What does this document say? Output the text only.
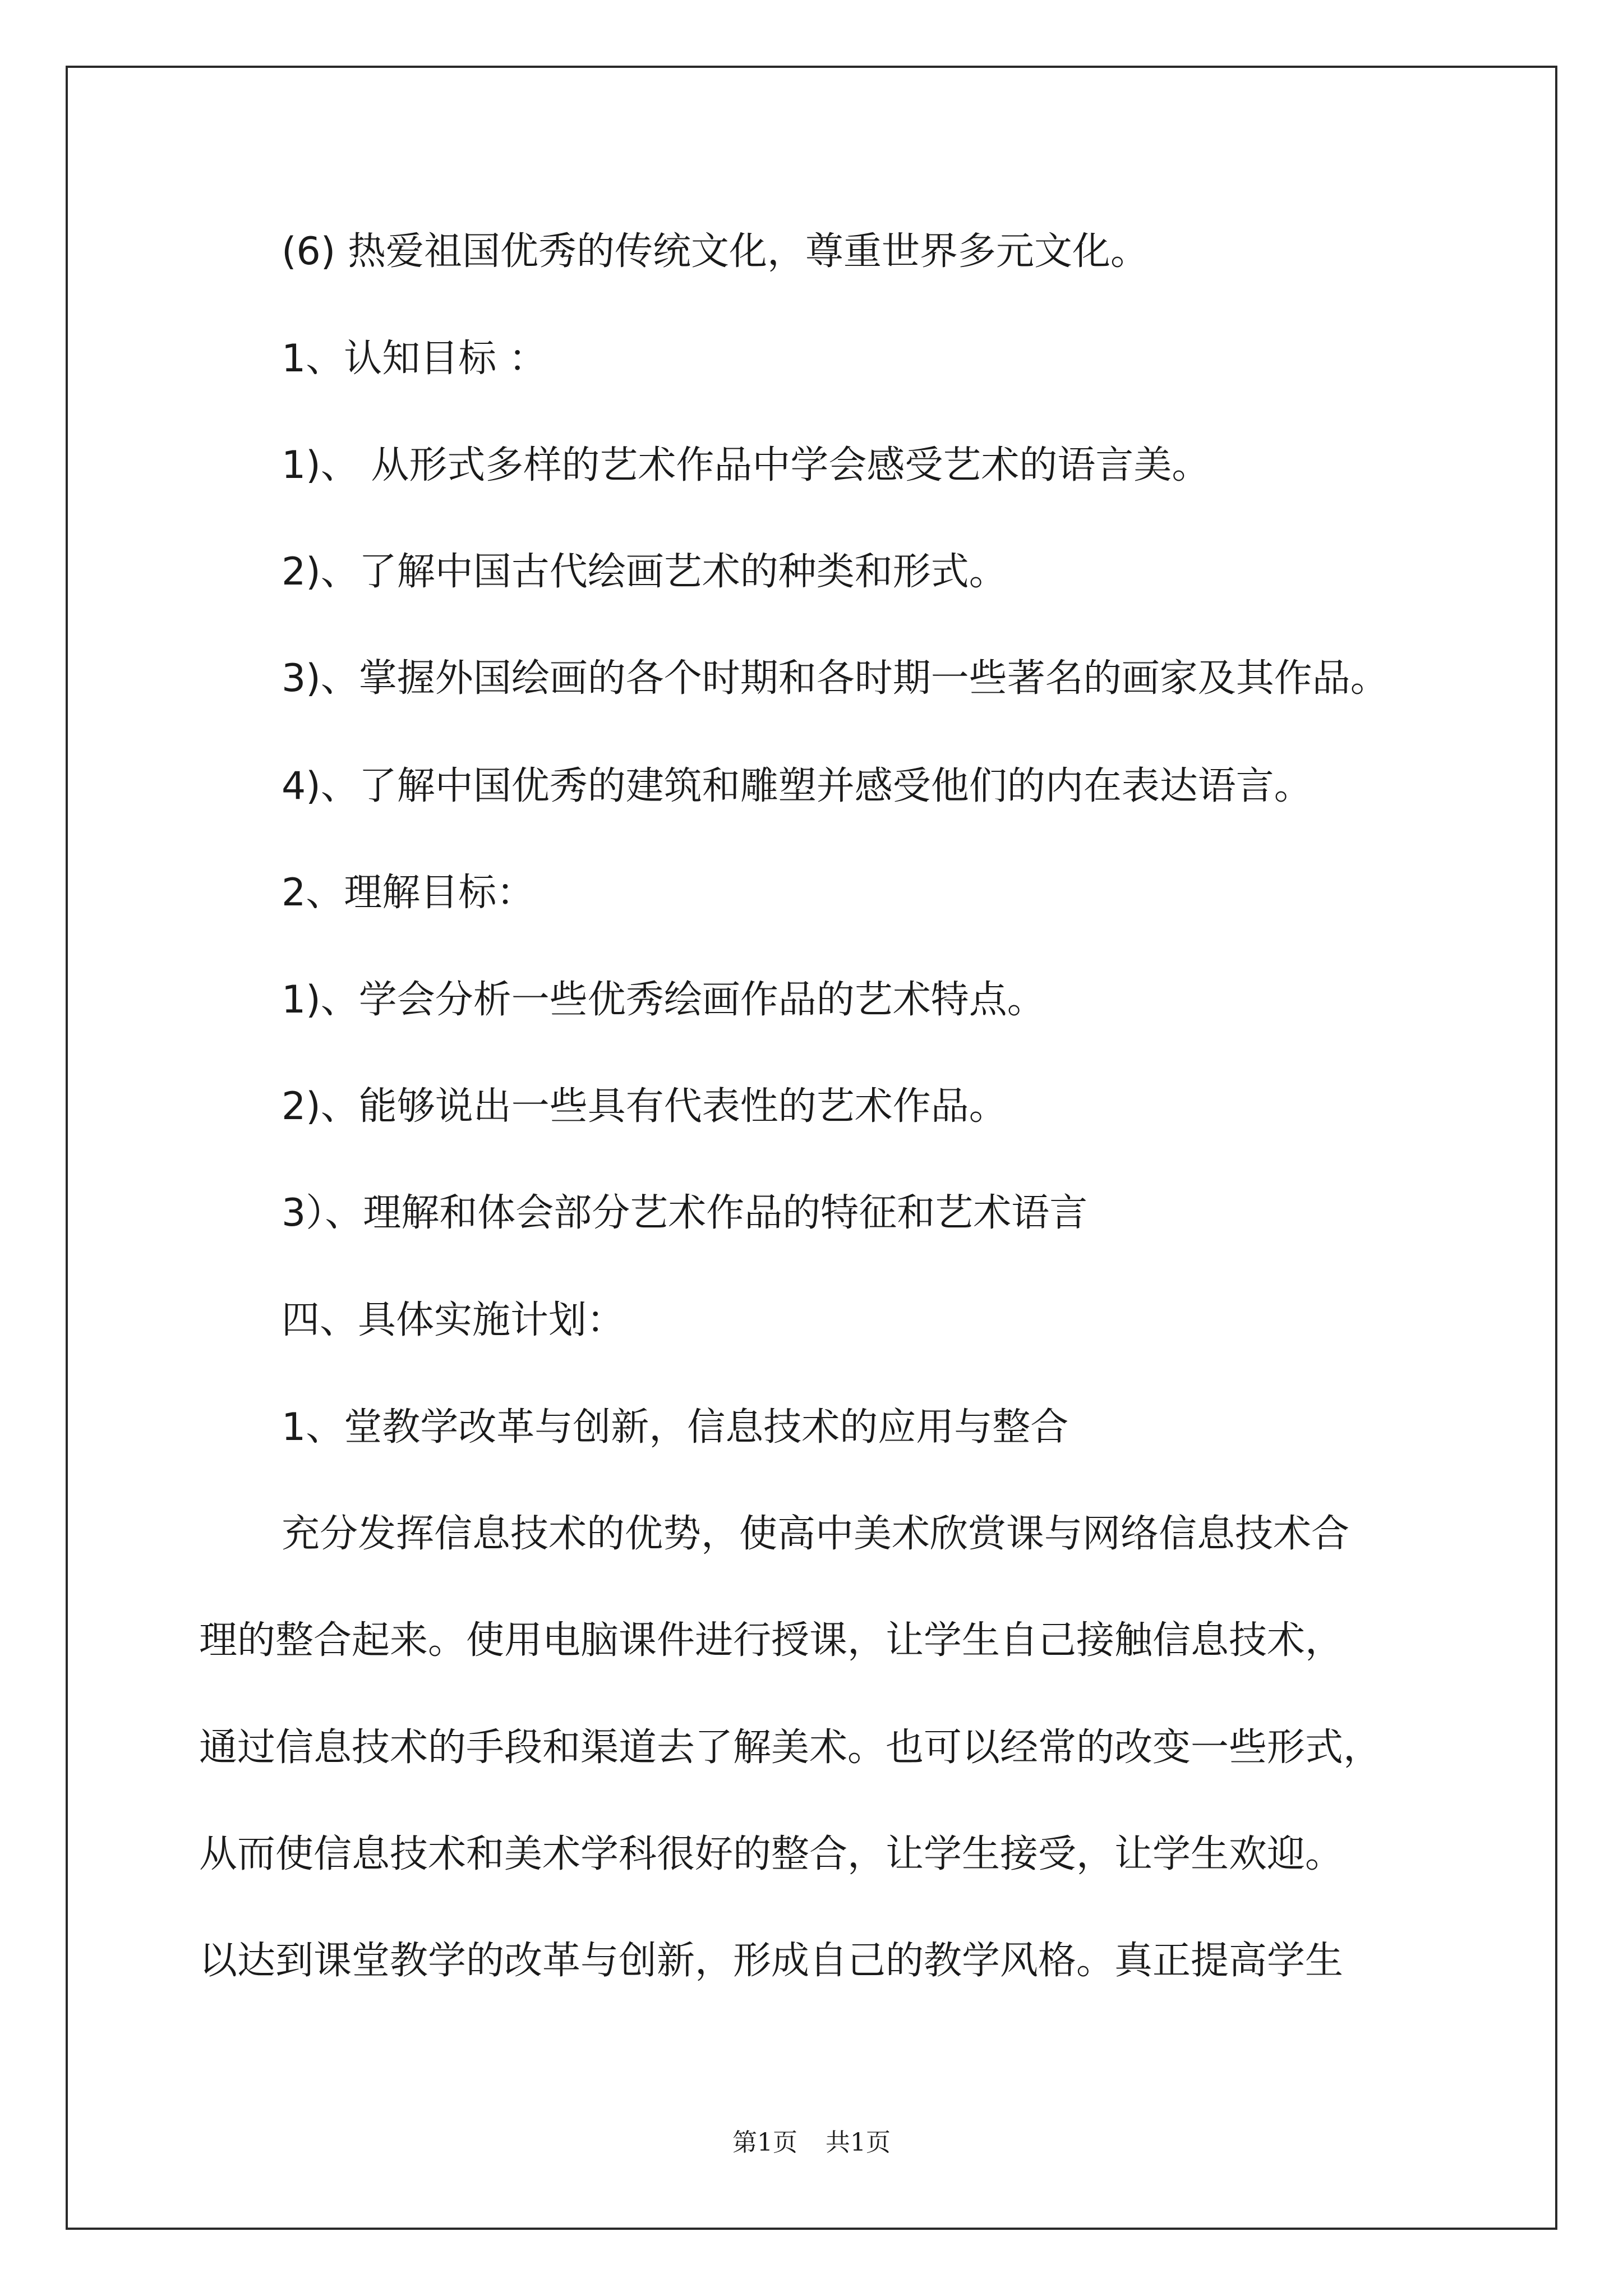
(6) 热爱祖国优秀的传统文化，尊重世界多元文化。
1、认知目标 ：
1)、 从形式多样的艺术作品中学会感受艺术的语言美。
2)、了解中国古代绘画艺术的种类和形式。
3)、掌握外国绘画的各个时期和各时期一些著名的画家及其作品。
4)、了解中国优秀的建筑和雕塑并感受他们的内在表达语言。
2、理解目标：
1)、学会分析一些优秀绘画作品的艺术特点。
2)、能够说出一些具有代表性的艺术作品。
3）、理解和体会部分艺术作品的特征和艺术语言
四、具体实施计划：
1、堂教学改革与创新，信息技术的应用与整合
充分发挥信息技术的优势，使高中美术欣赏课与网络信息技术合
理的整合起来。使用电脑课件进行授课，让学生自己接触信息技术，
通过信息技术的手段和渠道去了解美术。也可以经常的改变一些形式，
从而使信息技术和美术学科很好的整合，让学生接受，让学生欢迎。
以达到课堂教学的改革与创新，形成自己的教学风格。真正提高学生
第1页 共1页
